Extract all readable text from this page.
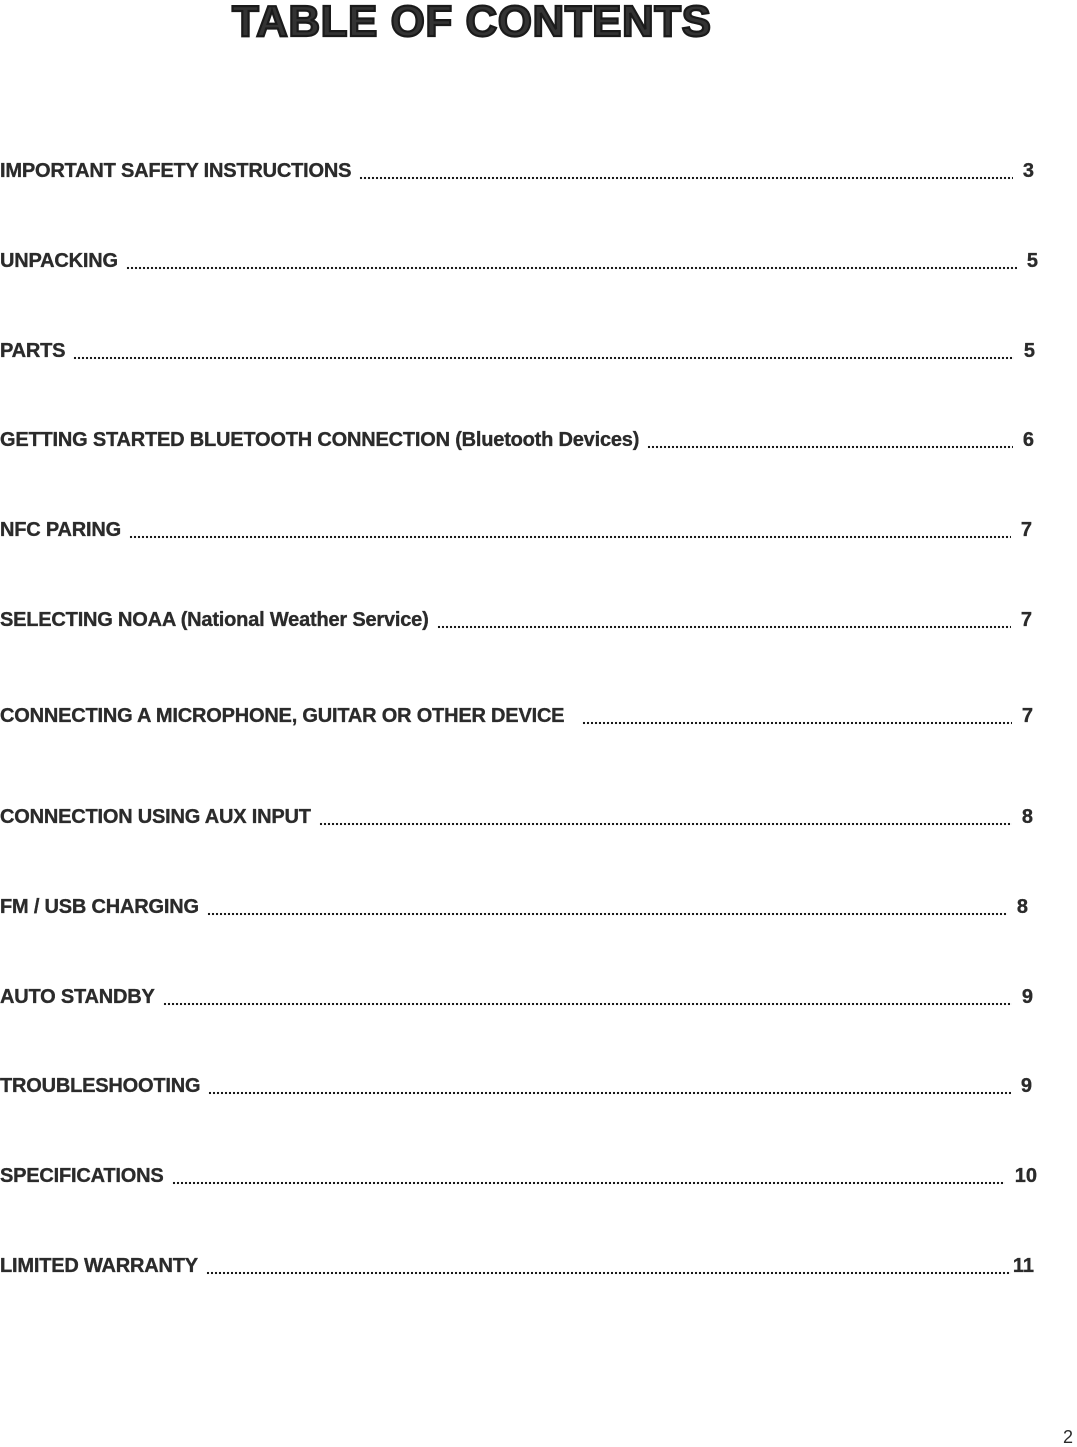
TABLE OF CONTENTS
IMPORTANT SAFETY INSTRUCTIONS	3
UNPACKING	5
PARTS	5
GETTING STARTED BLUETOOTH CONNECTION (Bluetooth Devices)	6
NFC PARING	7
SELECTING NOAA (National Weather Service)	7
CONNECTING A MICROPHONE, GUITAR OR OTHER DEVICE	7
CONNECTION USING AUX INPUT	8
FM / USB CHARGING	8
AUTO STANDBY	9
TROUBLESHOOTING	9
SPECIFICATIONS	10
LIMITED WARRANTY	11
2
